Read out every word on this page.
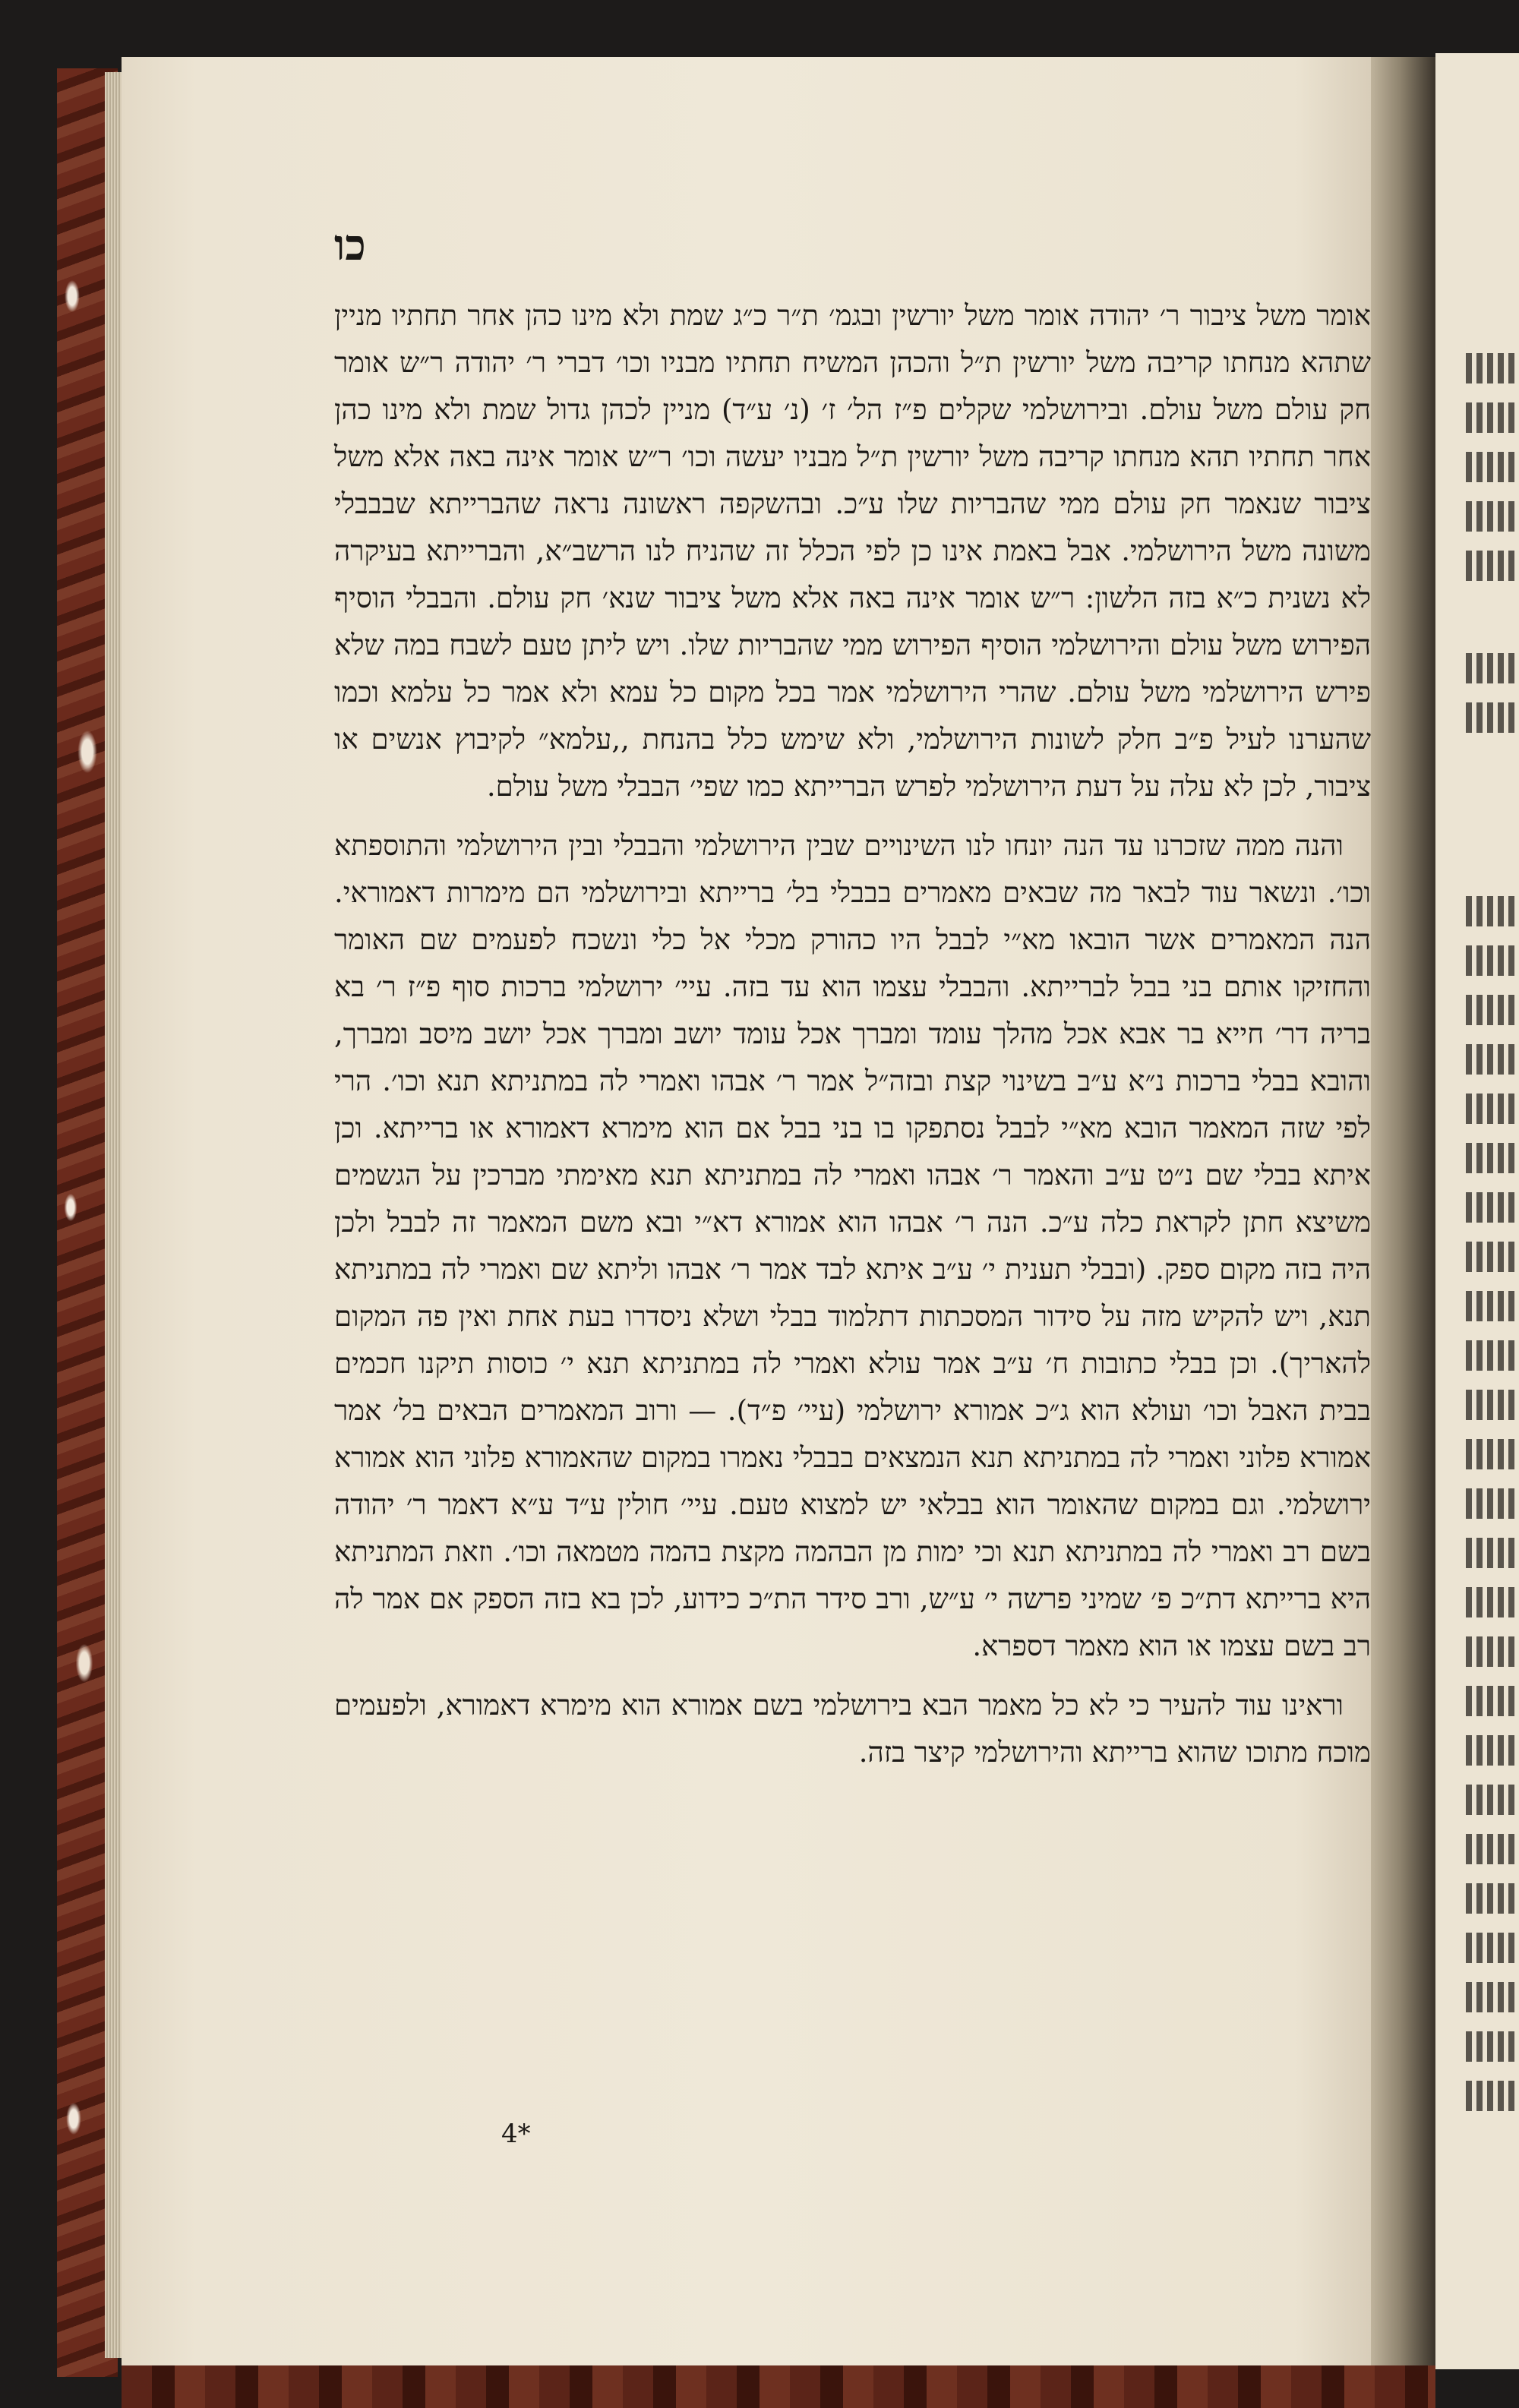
כו

אומר משל ציבור ר׳ יהודה אומר משל יורשין ובגמ׳ ת״ר כ״ג שמת ולא מינו כהן אחר תחתיו מניין שתהא מנחתו קריבה משל יורשין ת״ל והכהן המשיח תחתיו מבניו וכו׳ דברי ר׳ יהודה ר״ש אומר חק עולם משל עולם. ובירושלמי שקלים פ״ז הל׳ ז׳ (נ׳ ע״ד) מניין לכהן גדול שמת ולא מינו כהן אחר תחתיו תהא מנחתו קריבה משל יורשין ת״ל מבניו יעשה וכו׳ ר״ש אומר אינה באה אלא משל ציבור שנאמר חק עולם ממי שהבריות שלו ע״כ. ובהשקפה ראשונה נראה שהברייתא שבבבלי משונה משל הירושלמי. אבל באמת אינו כן לפי הכלל זה שהניח לנו הרשב״א, והברייתא בעיקרה לא נשנית כ״א בזה הלשון: ר״ש אומר אינה באה אלא משל ציבור שנא׳ חק עולם. והבבלי הוסיף הפירוש משל עולם והירושלמי הוסיף הפירוש ממי שהבריות שלו. ויש ליתן טעם לשבח במה שלא פירש הירושלמי משל עולם. שהרי הירושלמי אמר בכל מקום כל עמא ולא אמר כל עלמא וכמו שהערנו לעיל פ״ב חלק לשונות הירושלמי, ולא שימש כלל בהנחת ,,עלמא״ לקיבוץ אנשים או ציבור, לכן לא עלה על דעת הירושלמי לפרש הברייתא כמו שפי׳ הבבלי משל עולם.

והנה ממה שזכרנו עד הנה יונחו לנו השינויים שבין הירושלמי והבבלי ובין הירושלמי והתוספתא וכו׳. ונשאר עוד לבאר מה שבאים מאמרים בבבלי בל׳ ברייתא ובירושלמי הם מימרות דאמוראי. הנה המאמרים אשר הובאו מא״י לבבל היו כהורק מכלי אל כלי ונשכח לפעמים שם האומר והחזיקו אותם בני בבל לברייתא. והבבלי עצמו הוא עד בזה. עיי׳ ירושלמי ברכות סוף פ״ז ר׳ בא בריה דר׳ חייא בר אבא אכל מהלך עומד ומברך אכל עומד יושב ומברך אכל יושב מיסב ומברך, והובא בבלי ברכות נ״א ע״ב בשינוי קצת ובזה״ל אמר ר׳ אבהו ואמרי לה במתניתא תנא וכו׳. הרי לפי שזה המאמר הובא מא״י לבבל נסתפקו בו בני בבל אם הוא מימרא דאמורא או ברייתא. וכן איתא בבלי שם נ״ט ע״ב והאמר ר׳ אבהו ואמרי לה במתניתא תנא מאימתי מברכין על הגשמים משיצא חתן לקראת כלה ע״כ. הנה ר׳ אבהו הוא אמורא דא״י ובא משם המאמר זה לבבל ולכן היה בזה מקום ספק. (ובבלי תענית י׳ ע״ב איתא לבד אמר ר׳ אבהו וליתא שם ואמרי לה במתניתא תנא, ויש להקיש מזה על סידור המסכתות דתלמוד בבלי ושלא ניסדרו בעת אחת ואין פה המקום להאריך). וכן בבלי כתובות ח׳ ע״ב אמר עולא ואמרי לה במתניתא תנא י׳ כוסות תיקנו חכמים בבית האבל וכו׳ ועולא הוא ג״כ אמורא ירושלמי (עיי׳ פ״ד). — ורוב המאמרים הבאים בל׳ אמר אמורא פלוני ואמרי לה במתניתא תנא הנמצאים בבבלי נאמרו במקום שהאמורא פלוני הוא אמורא ירושלמי. וגם במקום שהאומר הוא בבלאי יש למצוא טעם. עיי׳ חולין ע״ד ע״א דאמר ר׳ יהודה בשם רב ואמרי לה במתניתא תנא וכי ימות מן הבהמה מקצת בהמה מטמאה וכו׳. וזאת המתניתא היא ברייתא דת״כ פ׳ שמיני פרשה י׳ ע״ש, ורב סידר הת״כ כידוע, לכן בא בזה הספק אם אמר לה רב בשם עצמו או הוא מאמר דספרא.

וראינו עוד להעיר כי לא כל מאמר הבא בירושלמי בשם אמורא הוא מימרא דאמורא, ולפעמים מוכח מתוכו שהוא ברייתא והירושלמי קיצר בזה.

4*
